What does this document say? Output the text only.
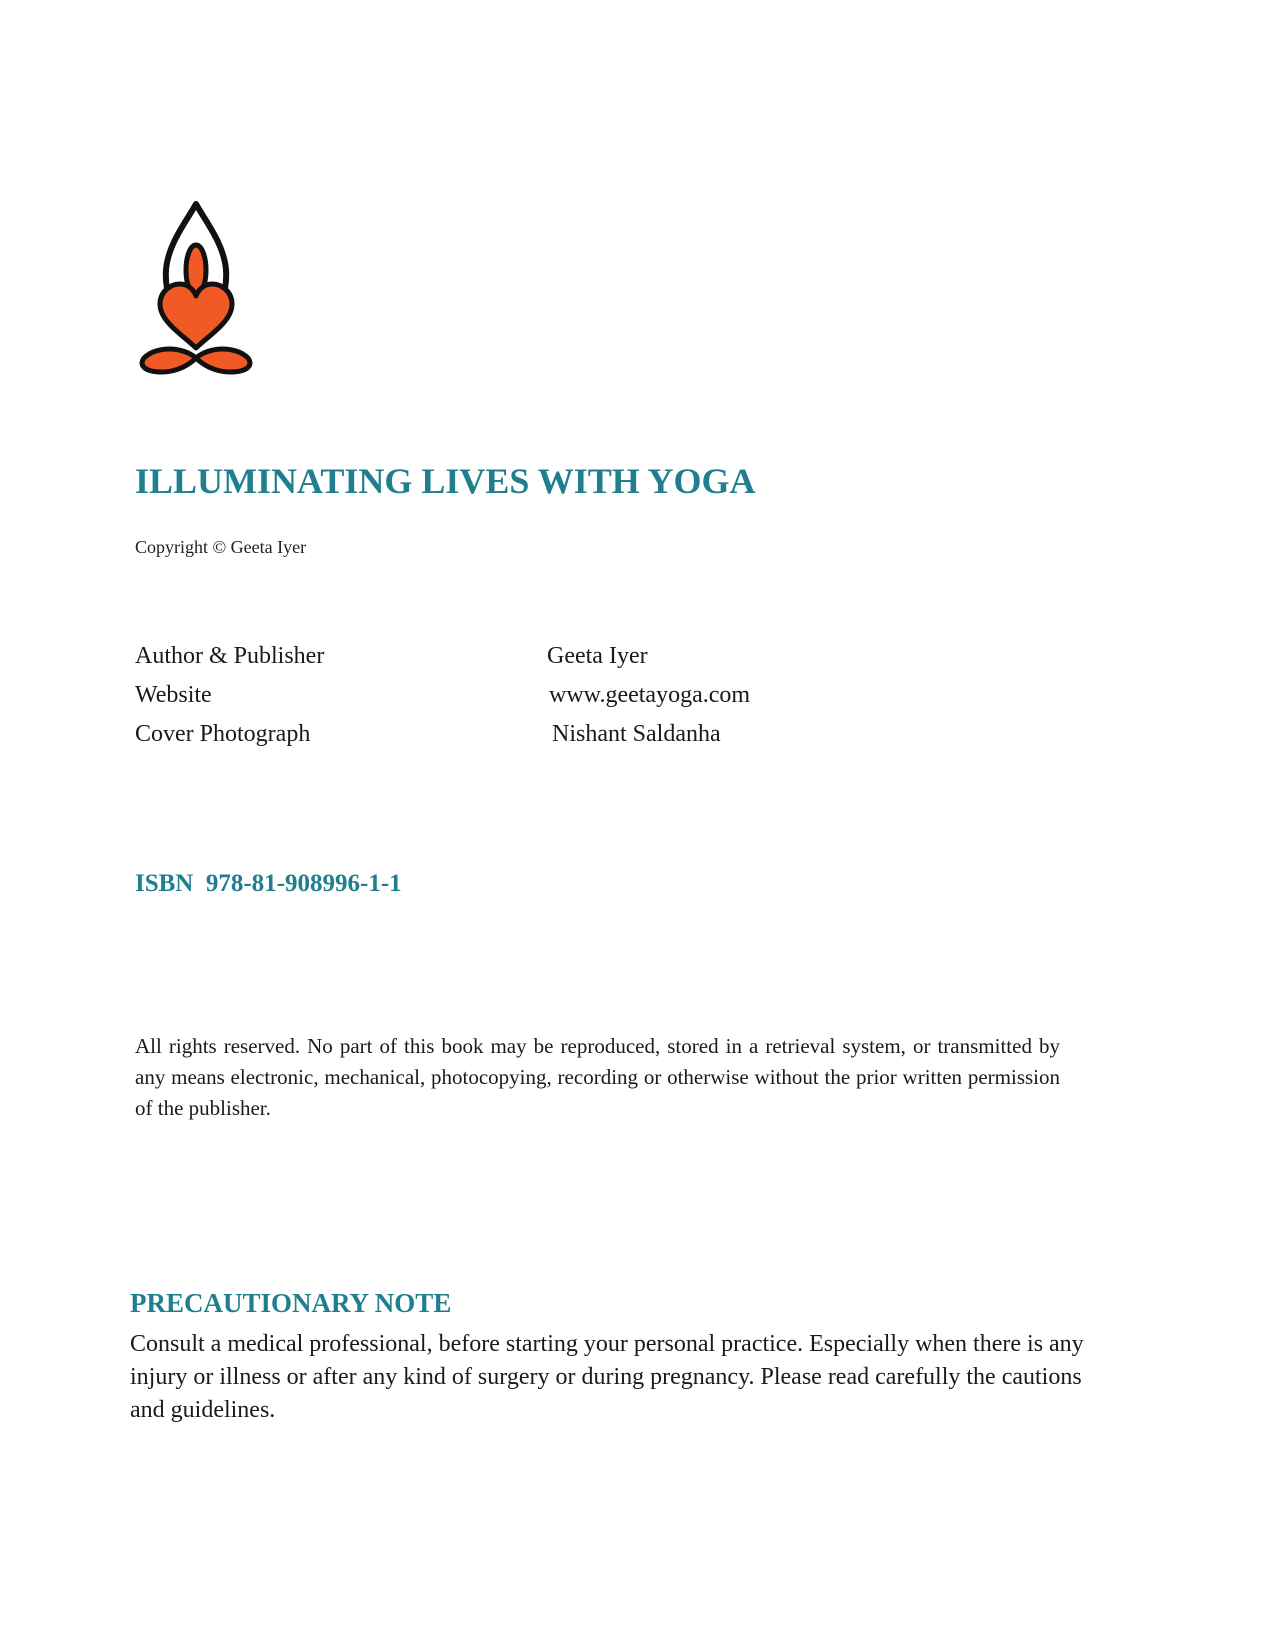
ILLUMINATING LIVES WITH YOGA
Copyright © Geeta Iyer
Author & Publisher	Geeta Iyer
Website	www.geetayoga.com
Cover Photograph	Nishant Saldanha
ISBN  978-81-908996-1-1

All rights reserved. No part of this book may be reproduced, stored in a retrieval system, or transmitted by any means electronic, mechanical, photocopying, recording or otherwise without the prior written permission of the publisher.

PRECAUTIONARY NOTE

Consult a medical professional, before starting your personal practice. Especially when there is any injury or illness or after any kind of surgery or during pregnancy. Please read carefully the cautions and guidelines.
